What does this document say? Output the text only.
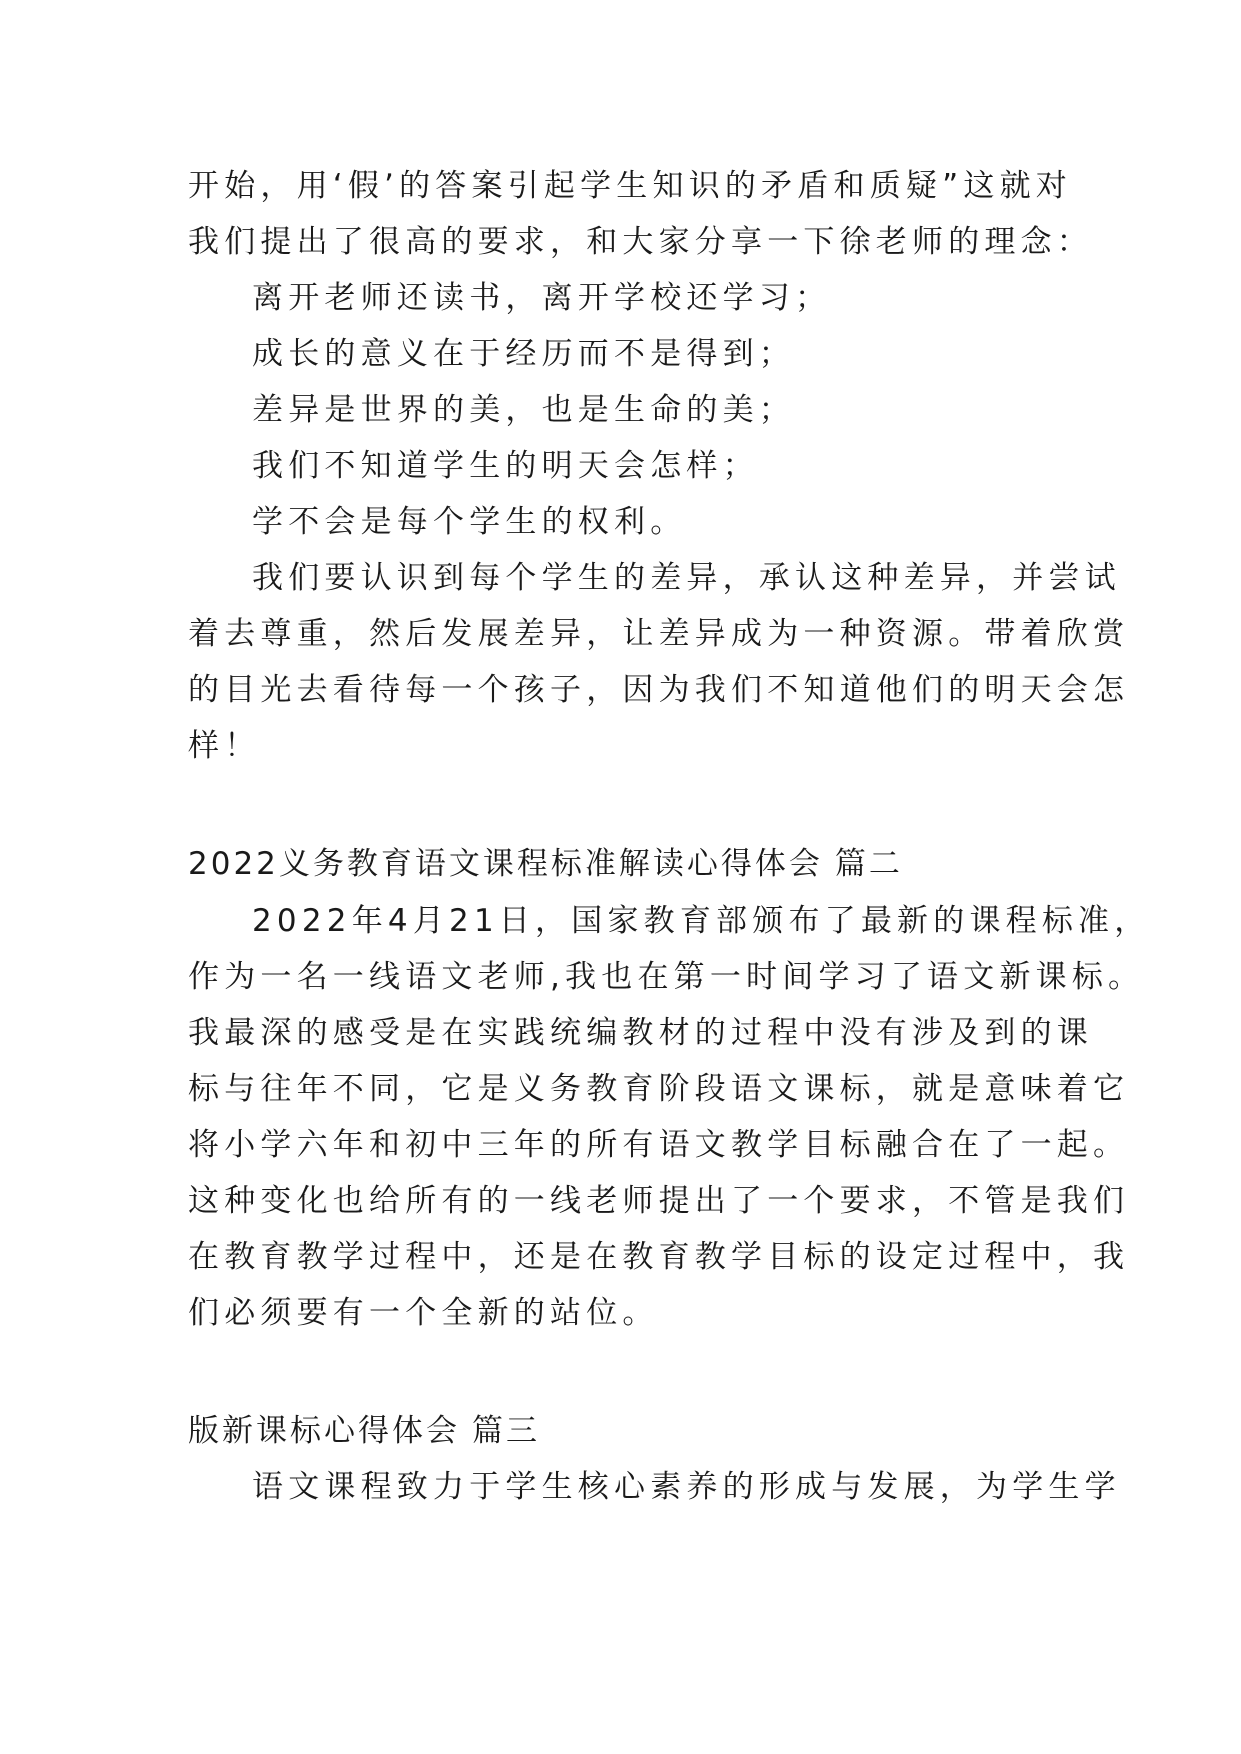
开始，用‘假’的答案引起学生知识的矛盾和质疑”这就对
我们提出了很高的要求，和大家分享一下徐老师的理念：
离开老师还读书，离开学校还学习；
成长的意义在于经历而不是得到；
差异是世界的美，也是生命的美；
我们不知道学生的明天会怎样；
学不会是每个学生的权利。
我们要认识到每个学生的差异，承认这种差异，并尝试
着去尊重，然后发展差异，让差异成为一种资源。带着欣赏
的目光去看待每一个孩子，因为我们不知道他们的明天会怎
样！
2022义务教育语文课程标准解读心得体会 篇二
2022年4月21日，国家教育部颁布了最新的课程标准，
作为一名一线语文老师,我也在第一时间学习了语文新课标。
我最深的感受是在实践统编教材的过程中没有涉及到的课
标与往年不同，它是义务教育阶段语文课标，就是意味着它
将小学六年和初中三年的所有语文教学目标融合在了一起。
这种变化也给所有的一线老师提出了一个要求，不管是我们
在教育教学过程中，还是在教育教学目标的设定过程中，我
们必须要有一个全新的站位。
版新课标心得体会 篇三
语文课程致力于学生核心素养的形成与发展，为学生学
